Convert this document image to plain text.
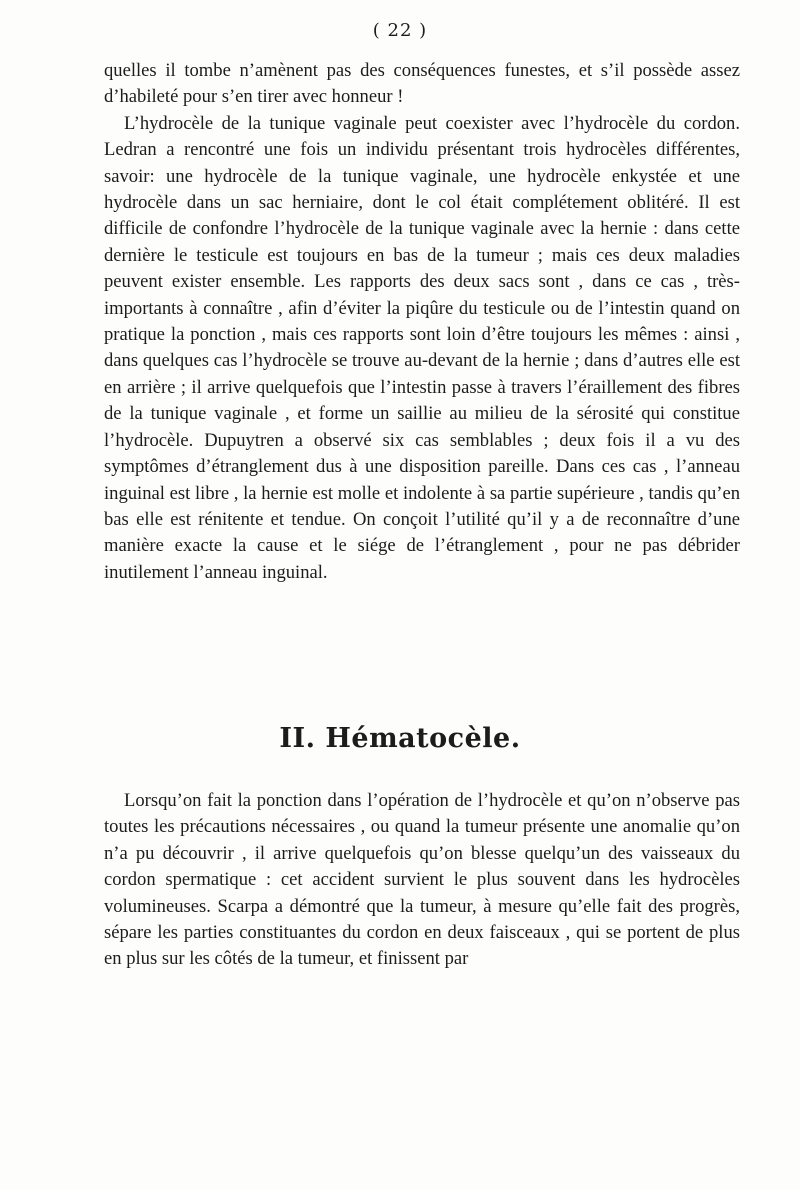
( 22 )

quelles il tombe n’amènent pas des conséquences funestes, et s’il possède assez d’habileté pour s’en tirer avec honneur !

L’hydrocèle de la tunique vaginale peut coexister avec l’hydrocèle du cordon. Ledran a rencontré une fois un individu présentant trois hydrocèles différentes, savoir: une hydrocèle de la tunique vaginale, une hydrocèle enkystée et une hydrocèle dans un sac herniaire, dont le col était complétement oblitéré. Il est difficile de confondre l’hydrocèle de la tunique vaginale avec la hernie : dans cette dernière le testicule est toujours en bas de la tumeur ; mais ces deux maladies peuvent exister ensemble. Les rapports des deux sacs sont , dans ce cas , très-importants à connaître , afin d’éviter la piqûre du testicule ou de l’intestin quand on pratique la ponction , mais ces rapports sont loin d’être toujours les mêmes : ainsi , dans quelques cas l’hydrocèle se trouve au-devant de la hernie ; dans d’autres elle est en arrière ; il arrive quelquefois que l’intestin passe à travers l’éraillement des fibres de la tunique vaginale , et forme un saillie au milieu de la sérosité qui constitue l’hydrocèle. Dupuytren a observé six cas semblables ; deux fois il a vu des symptômes d’étranglement dus à une disposition pareille. Dans ces cas , l’anneau inguinal est libre , la hernie est molle et indolente à sa partie supérieure , tandis qu’en bas elle est rénitente et tendue. On conçoit l’utilité qu’il y a de reconnaître d’une manière exacte la cause et le siége de l’étranglement , pour ne pas débrider inutilement l’anneau inguinal.

II. Hématocèle.

Lorsqu’on fait la ponction dans l’opération de l’hydrocèle et qu’on n’observe pas toutes les précautions nécessaires , ou quand la tumeur présente une anomalie qu’on n’a pu découvrir , il arrive quelquefois qu’on blesse quelqu’un des vaisseaux du cordon spermatique : cet accident survient le plus souvent dans les hydrocèles volumineuses. Scarpa a démontré que la tumeur, à mesure qu’elle fait des progrès, sépare les parties constituantes du cordon en deux faisceaux , qui se portent de plus en plus sur les côtés de la tumeur, et finissent par
